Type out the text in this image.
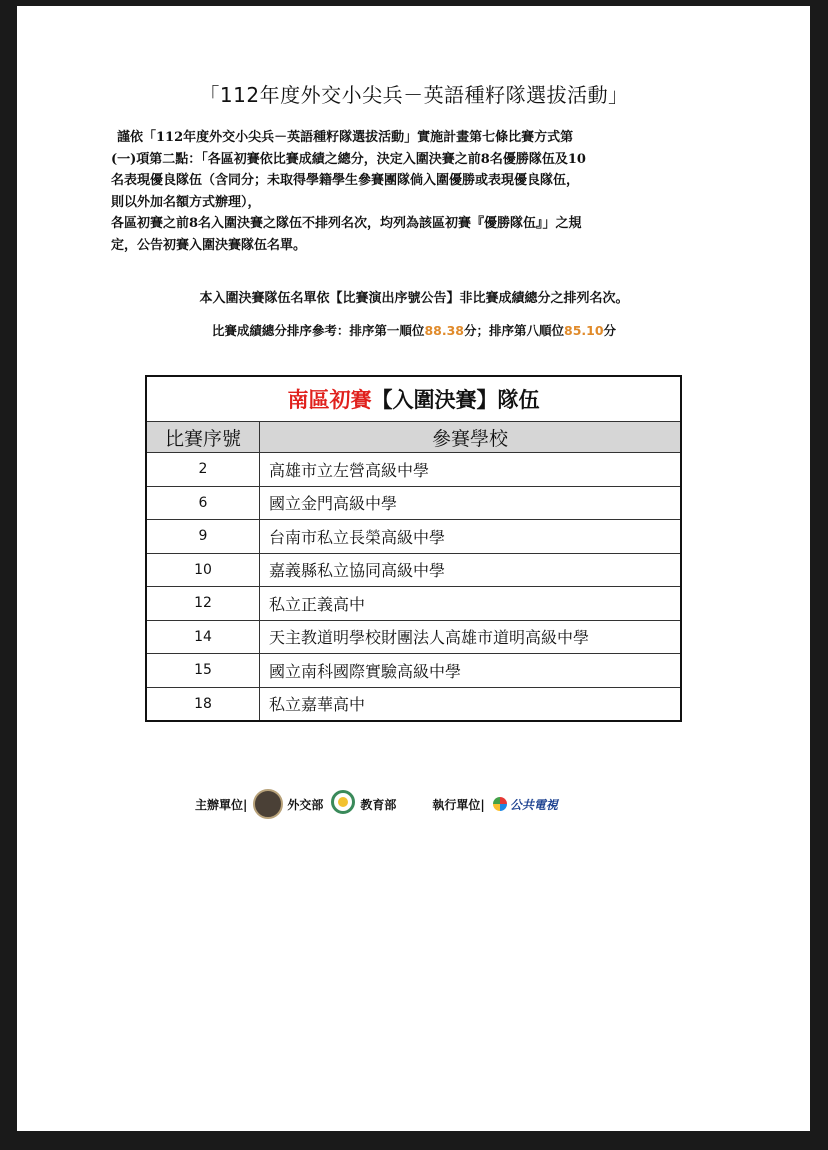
「112年度外交小尖兵－英語種籽隊選拔活動」

謹依「112年度外交小尖兵－英語種籽隊選拔活動」實施計畫第七條比賽方式第

(一)項第二點：「各區初賽依比賽成績之總分，決定入圍決賽之前8名優勝隊伍及10

名表現優良隊伍（含同分；未取得學籍學生參賽團隊倘入圍優勝或表現優良隊伍，

則以外加名額方式辦理），

各區初賽之前8名入圍決賽之隊伍不排列名次，均列為該區初賽『優勝隊伍』」之規

定，公告初賽入圍決賽隊伍名單。

本入圍決賽隊伍名單依【比賽演出序號公告】非比賽成績總分之排列名次。
比賽成績總分排序參考：排序第一順位88.38分；排序第八順位85.10分
南區初賽【入圍決賽】隊伍	
比賽序號	參賽學校
2	高雄市立左營高級中學
6	國立金門高級中學
9	台南市私立長榮高級中學
10	嘉義縣私立協同高級中學
12	私立正義高中
14	天主教道明學校財團法人高雄市道明高級中學
15	國立南科國際實驗高級中學
18	私立嘉華高中
主辦單位|	外交部	教育部	執行單位| 公共電視
